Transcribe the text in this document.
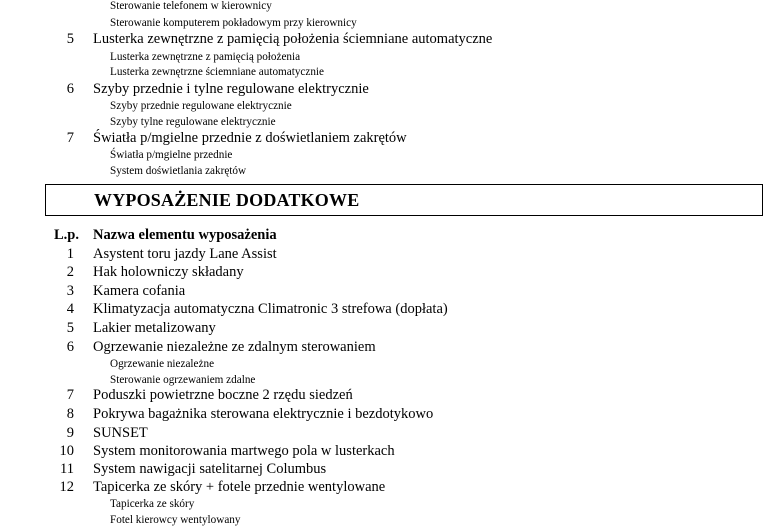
Sterowanie telefonem w kierownicy
Sterowanie komputerem pokładowym przy kierownicy
5 Lusterka zewnętrzne z pamięcią położenia ściemniane automatyczne
Lusterka zewnętrzne z pamięcią położenia
Lusterka zewnętrzne ściemniane automatycznie
6 Szyby przednie i tylne regulowane elektrycznie
Szyby przednie regulowane elektrycznie
Szyby tylne regulowane elektrycznie
7 Światła p/mgielne przednie z doświetlaniem zakrętów
Światła p/mgielne przednie
System doświetlania zakrętów
WYPOSAŻENIE DODATKOWE
L.p. Nazwa elementu wyposażenia
1 Asystent toru jazdy Lane Assist
2 Hak holowniczy składany
3 Kamera cofania
4 Klimatyzacja automatyczna Climatronic 3 strefowa (dopłata)
5 Lakier metalizowany
6 Ogrzewanie niezależne ze zdalnym sterowaniem
Ogrzewanie niezależne
Sterowanie ogrzewaniem zdalne
7 Poduszki powietrzne boczne 2 rzędu siedzeń
8 Pokrywa bagażnika sterowana elektrycznie i bezdotykowo
9 SUNSET
10 System monitorowania martwego pola w lusterkach
11 System nawigacji satelitarnej Columbus
12 Tapicerka ze skóry + fotele przednie wentylowane
Tapicerka ze skóry
Fotel kierowcy wentylowany
